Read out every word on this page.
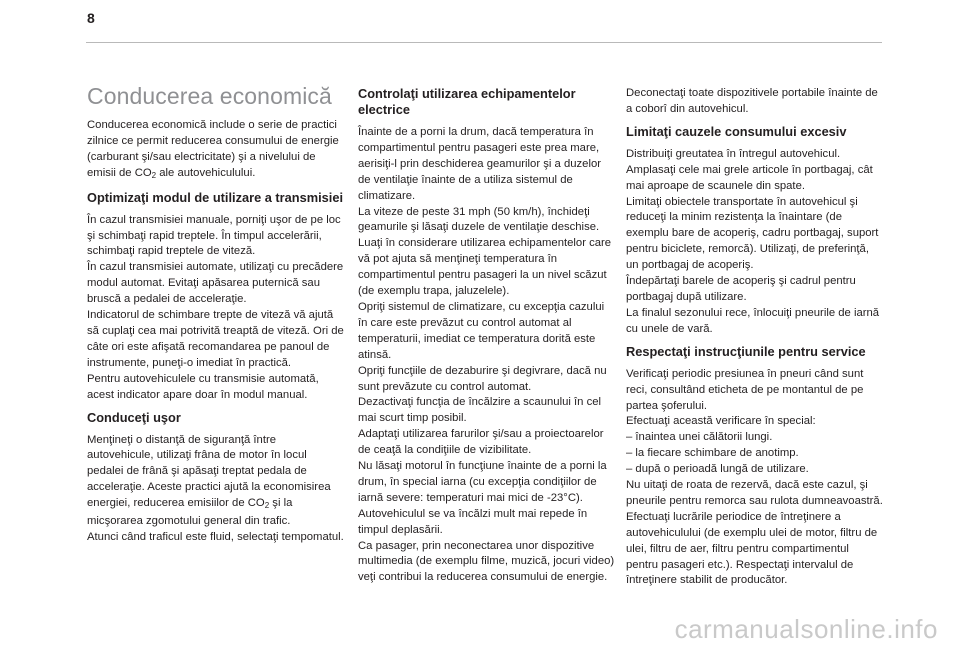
8
Conducerea economică

Conducerea economică include o serie de practici zilnice ce permit reducerea consumului de energie (carburant şi/sau electricitate) şi a nivelului de emisii de $CO_2$ ale autovehiculului.

Optimizaţi modul de utilizare a transmisiei

În cazul transmisiei manuale, porniţi uşor de pe loc şi schimbaţi rapid treptele. În timpul accelerării, schimbaţi rapid treptele de viteză.
În cazul transmisiei automate, utilizaţi cu precădere modul automat. Evitaţi apăsarea puternică sau bruscă a pedalei de acceleraţie.
Indicatorul de schimbare trepte de viteză vă ajută să cuplaţi cea mai potrivită treaptă de viteză. Ori de câte ori este afişată recomandarea pe panoul de instrumente, puneţi-o imediat în practică.
Pentru autovehiculele cu transmisie automată, acest indicator apare doar în modul manual.

Conduceţi uşor

Menţineţi o distanţă de siguranţă între autovehicule, utilizaţi frâna de motor în locul pedalei de frână şi apăsaţi treptat pedala de acceleraţie. Aceste practici ajută la economisirea energiei, reducerea emisiilor de $CO_2$ şi la micşorarea zgomotului general din trafic.
Atunci când traficul este fluid, selectaţi tempomatul.

Controlaţi utilizarea echipamentelor electrice

Înainte de a porni la drum, dacă temperatura în compartimentul pentru pasageri este prea mare, aerisiţi-l prin deschiderea geamurilor şi a duzelor de ventilaţie înainte de a utiliza sistemul de climatizare.
La viteze de peste 31 mph (50 km/h), închideţi geamurile şi lăsaţi duzele de ventilaţie deschise.
Luaţi în considerare utilizarea echipamentelor care vă pot ajuta să menţineţi temperatura în compartimentul pentru pasageri la un nivel scăzut (de exemplu trapa, jaluzelele).
Opriţi sistemul de climatizare, cu excepţia cazului în care este prevăzut cu control automat al temperaturii, imediat ce temperatura dorită este atinsă.
Opriţi funcţiile de dezaburire şi degivrare, dacă nu sunt prevăzute cu control automat.
Dezactivaţi funcţia de încălzire a scaunului în cel mai scurt timp posibil.
Adaptaţi utilizarea farurilor şi/sau a proiectoarelor de ceaţă la condiţiile de vizibilitate.
Nu lăsaţi motorul în funcţiune înainte de a porni la drum, în special iarna (cu excepţia condiţiilor de iarnă severe: temperaturi mai mici de -23°C).
Autovehiculul se va încălzi mult mai repede în timpul deplasării.
Ca pasager, prin neconectarea unor dispozitive multimedia (de exemplu filme, muzică, jocuri video) veţi contribui la reducerea consumului de energie.

Deconectaţi toate dispozitivele portabile înainte de a coborî din autovehicul.

Limitaţi cauzele consumului excesiv

Distribuiţi greutatea în întregul autovehicul. Amplasaţi cele mai grele articole în portbagaj, cât mai aproape de scaunele din spate.
Limitaţi obiectele transportate în autovehicul şi reduceţi la minim rezistenţa la înaintare (de exemplu bare de acoperiş, cadru portbagaj, suport pentru biciclete, remorcă). Utilizaţi, de preferinţă, un portbagaj de acoperiş.
Îndepărtaţi barele de acoperiş şi cadrul pentru portbagaj după utilizare.
La finalul sezonului rece, înlocuiţi pneurile de iarnă cu unele de vară.

Respectaţi instrucţiunile pentru service

Verificaţi periodic presiunea în pneuri când sunt reci, consultând eticheta de pe montantul de pe partea şoferului.
Efectuaţi această verificare în special:
– înaintea unei călătorii lungi.
– la fiecare schimbare de anotimp.
– după o perioadă lungă de utilizare.
Nu uitaţi de roata de rezervă, dacă este cazul, şi pneurile pentru remorca sau rulota dumneavoastră.
Efectuaţi lucrările periodice de întreţinere a autovehiculului (de exemplu ulei de motor, filtru de ulei, filtru de aer, filtru pentru compartimentul pentru pasageri etc.). Respectaţi intervalul de întreţinere stabilit de producător.

carmanualsonline.info
